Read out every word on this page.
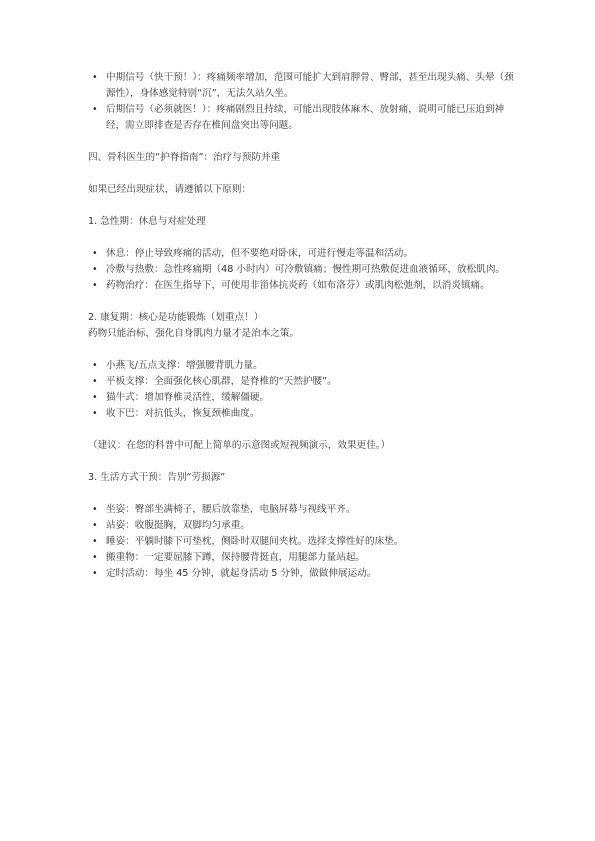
• 中期信号（快干预！）：疼痛频率增加，范围可能扩大到肩胛骨、臀部，甚至出现头痛、头晕（颈源性），身体感觉特别“沉”，无法久站久坐。
• 后期信号（必须就医！）：疼痛剧烈且持续，可能出现肢体麻木、放射痛，说明可能已压迫到神经，需立即排查是否存在椎间盘突出等问题。

四、骨科医生的“护脊指南”：治疗与预防并重

如果已经出现症状，请遵循以下原则：

1. 急性期：休息与对症处理

• 休息：停止导致疼痛的活动，但不要绝对卧床，可进行慢走等温和活动。
• 冷敷与热敷：急性疼痛期（48 小时内）可冷敷镇痛；慢性期可热敷促进血液循环，放松肌肉。
• 药物治疗：在医生指导下，可使用非甾体抗炎药（如布洛芬）或肌肉松弛剂，以消炎镇痛。

2. 康复期：核心是功能锻炼（划重点！）

药物只能治标，强化自身肌肉力量才是治本之策。

• 小燕飞/五点支撑：增强腰背肌力量。
• 平板支撑：全面强化核心肌群，是脊椎的“天然护腰”。
• 猫牛式：增加脊椎灵活性，缓解僵硬。
• 收下巴：对抗低头，恢复颈椎曲度。

（建议：在您的科普中可配上简单的示意图或短视频演示，效果更佳。）

3. 生活方式干预：告别“劳损源”

• 坐姿：臀部坐满椅子，腰后放靠垫，电脑屏幕与视线平齐。
• 站姿：收腹挺胸，双脚均匀承重。
• 睡姿：平躺时膝下可垫枕，侧卧时双腿间夹枕。选择支撑性好的床垫。
• 搬重物：一定要屈膝下蹲，保持腰背挺直，用腿部力量站起。
• 定时活动：每坐 45 分钟，就起身活动 5 分钟，做做伸展运动。
